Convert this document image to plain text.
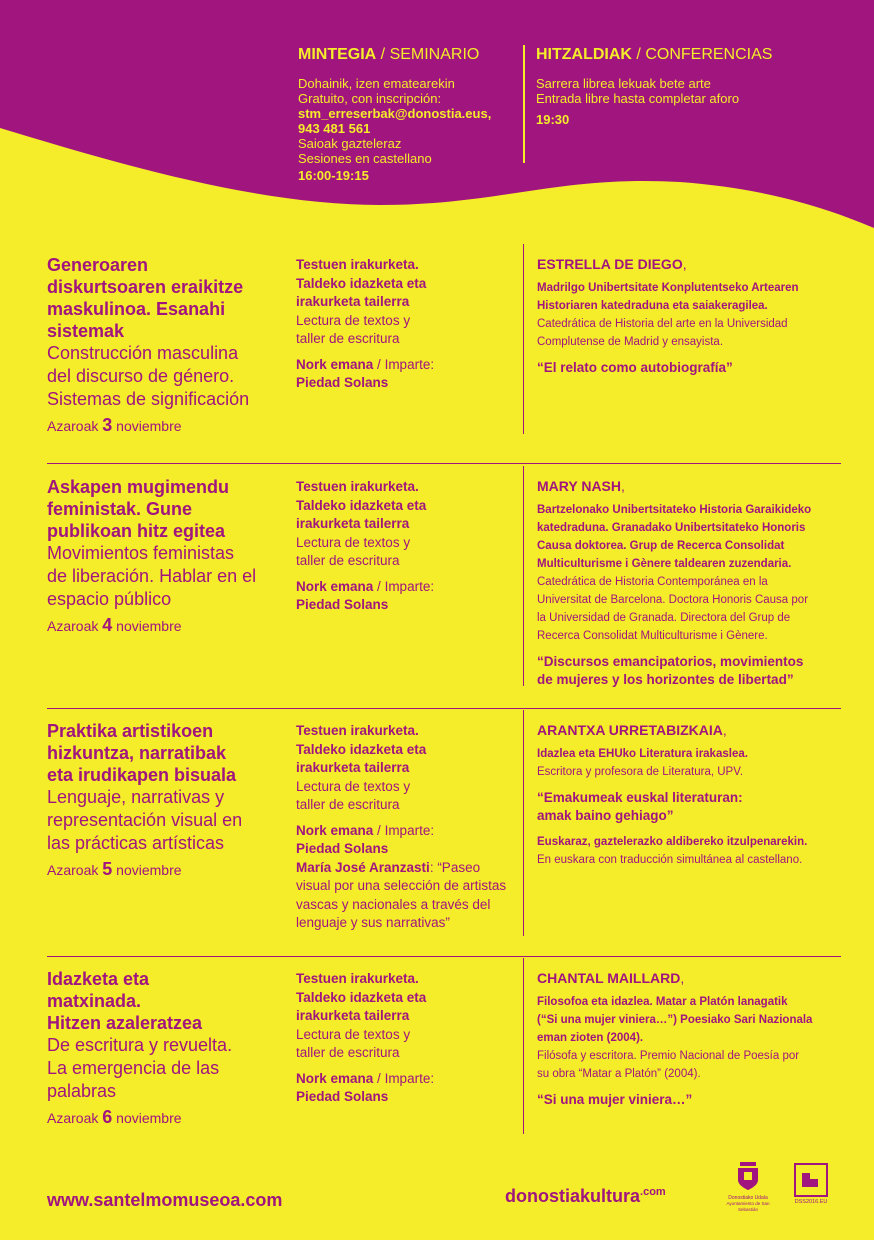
MINTEGIA / SEMINARIO
Dohainik, izen ematearekin
Gratuito, con inscripción:
stm_erreserbak@donostia.eus,
943 481 561
Saioak gazteleraz
Sesiones en castellano
16:00-19:15
HITZALDIAK / CONFERENCIAS
Sarrera librea lekuak bete arte
Entrada libre hasta completar aforo
19:30
Generoaren
diskurtsoaren eraikitze
maskulinoa. Esanahi
sistemak
Construcción masculina
del discurso de género.
Sistemas de significación
Azaroak 3 noviembre
Testuen irakurketa.
Taldeko idazketa eta
irakurketa tailerra
Lectura de textos y
taller de escritura
Nork emana / Imparte:
Piedad Solans
ESTRELLA DE DIEGO,
Madrilgo Unibertsitate Konplutentseko Artearen
Historiaren katedraduna eta saiakeragilea.
Catedrática de Historia del arte en la Universidad
Complutense de Madrid y ensayista.
“El relato como autobiografía”
Askapen mugimendu
feministak. Gune
publikoan hitz egitea
Movimientos feministas
de liberación. Hablar en el
espacio público
Azaroak 4 noviembre
Testuen irakurketa.
Taldeko idazketa eta
irakurketa tailerra
Lectura de textos y
taller de escritura
Nork emana / Imparte:
Piedad Solans
MARY NASH,
Bartzelonako Unibertsitateko Historia Garaikideko
katedraduna. Granadako Unibertsitateko Honoris
Causa doktorea. Grup de Recerca Consolidat
Multiculturisme i Gènere taldearen zuzendaria.
Catedrática de Historia Contemporánea en la
Universitat de Barcelona. Doctora Honoris Causa por
la Universidad de Granada. Directora del Grup de
Recerca Consolidat Multiculturisme i Gènere.
“Discursos emancipatorios, movimientos
de mujeres y los horizontes de libertad”
Praktika artistikoen
hizkuntza, narratibak
eta irudikapen bisuala
Lenguaje, narrativas y
representación visual en
las prácticas artísticas
Azaroak 5 noviembre
Testuen irakurketa.
Taldeko idazketa eta
irakurketa tailerra
Lectura de textos y
taller de escritura
Nork emana / Imparte:
Piedad Solans
María José Aranzasti: “Paseo
visual por una selección de artistas
vascas y nacionales a través del
lenguaje y sus narrativas”
ARANTXA URRETABIZKAIA,
Idazlea eta EHUko Literatura irakaslea.
Escritora y profesora de Literatura, UPV.
“Emakumeak euskal literaturan:
amak baino gehiago”
Euskaraz, gaztelerazko aldibereko itzulpenarekin.
En euskara con traducción simultánea al castellano.
Idazketa eta
matxinada.
Hitzen azaleratzea
De escritura y revuelta.
La emergencia de las
palabras
Azaroak 6 noviembre
Testuen irakurketa.
Taldeko idazketa eta
irakurketa tailerra
Lectura de textos y
taller de escritura
Nork emana / Imparte:
Piedad Solans
CHANTAL MAILLARD,
Filosofoa eta idazlea. Matar a Platón lanagatik
(“Si una mujer viniera…”) Poesiako Sari Nazionala
eman zioten (2004).
Filósofa y escritora. Premio Nacional de Poesía por
su obra “Matar a Platón” (2004).
“Si una mujer viniera…”
www.santelmomuseoa.com	donostiakultura$^{.com}$	Donostiako Udala
Ayuntamiento de San Sebastián
DSS2016.EU
